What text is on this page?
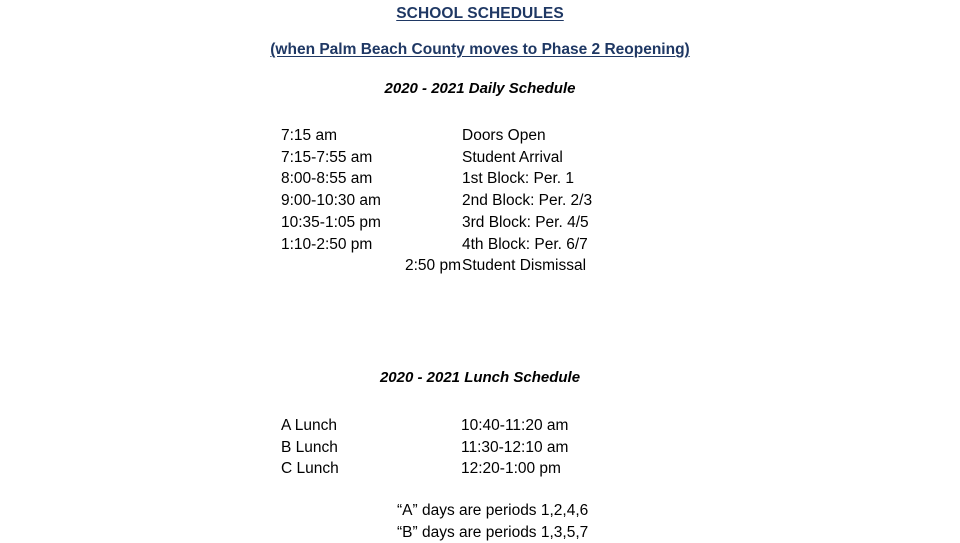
SCHOOL SCHEDULES
(when Palm Beach County moves to Phase 2 Reopening)
2020 - 2021 Daily Schedule
7:15 am	Doors Open
7:15-7:55 am	Student Arrival
8:00-8:55 am	1st Block: Per. 1
9:00-10:30 am	2nd Block: Per. 2/3
10:35-1:05 pm	3rd Block: Per. 4/5
1:10-2:50 pm	4th Block: Per. 6/7
2:50 pm	Student Dismissal
2020 - 2021 Lunch Schedule
A Lunch	10:40-11:20 am
B Lunch	11:30-12:10 am
C Lunch	12:20-1:00 pm
“A” days are periods 1,2,4,6
“B” days are periods 1,3,5,7
